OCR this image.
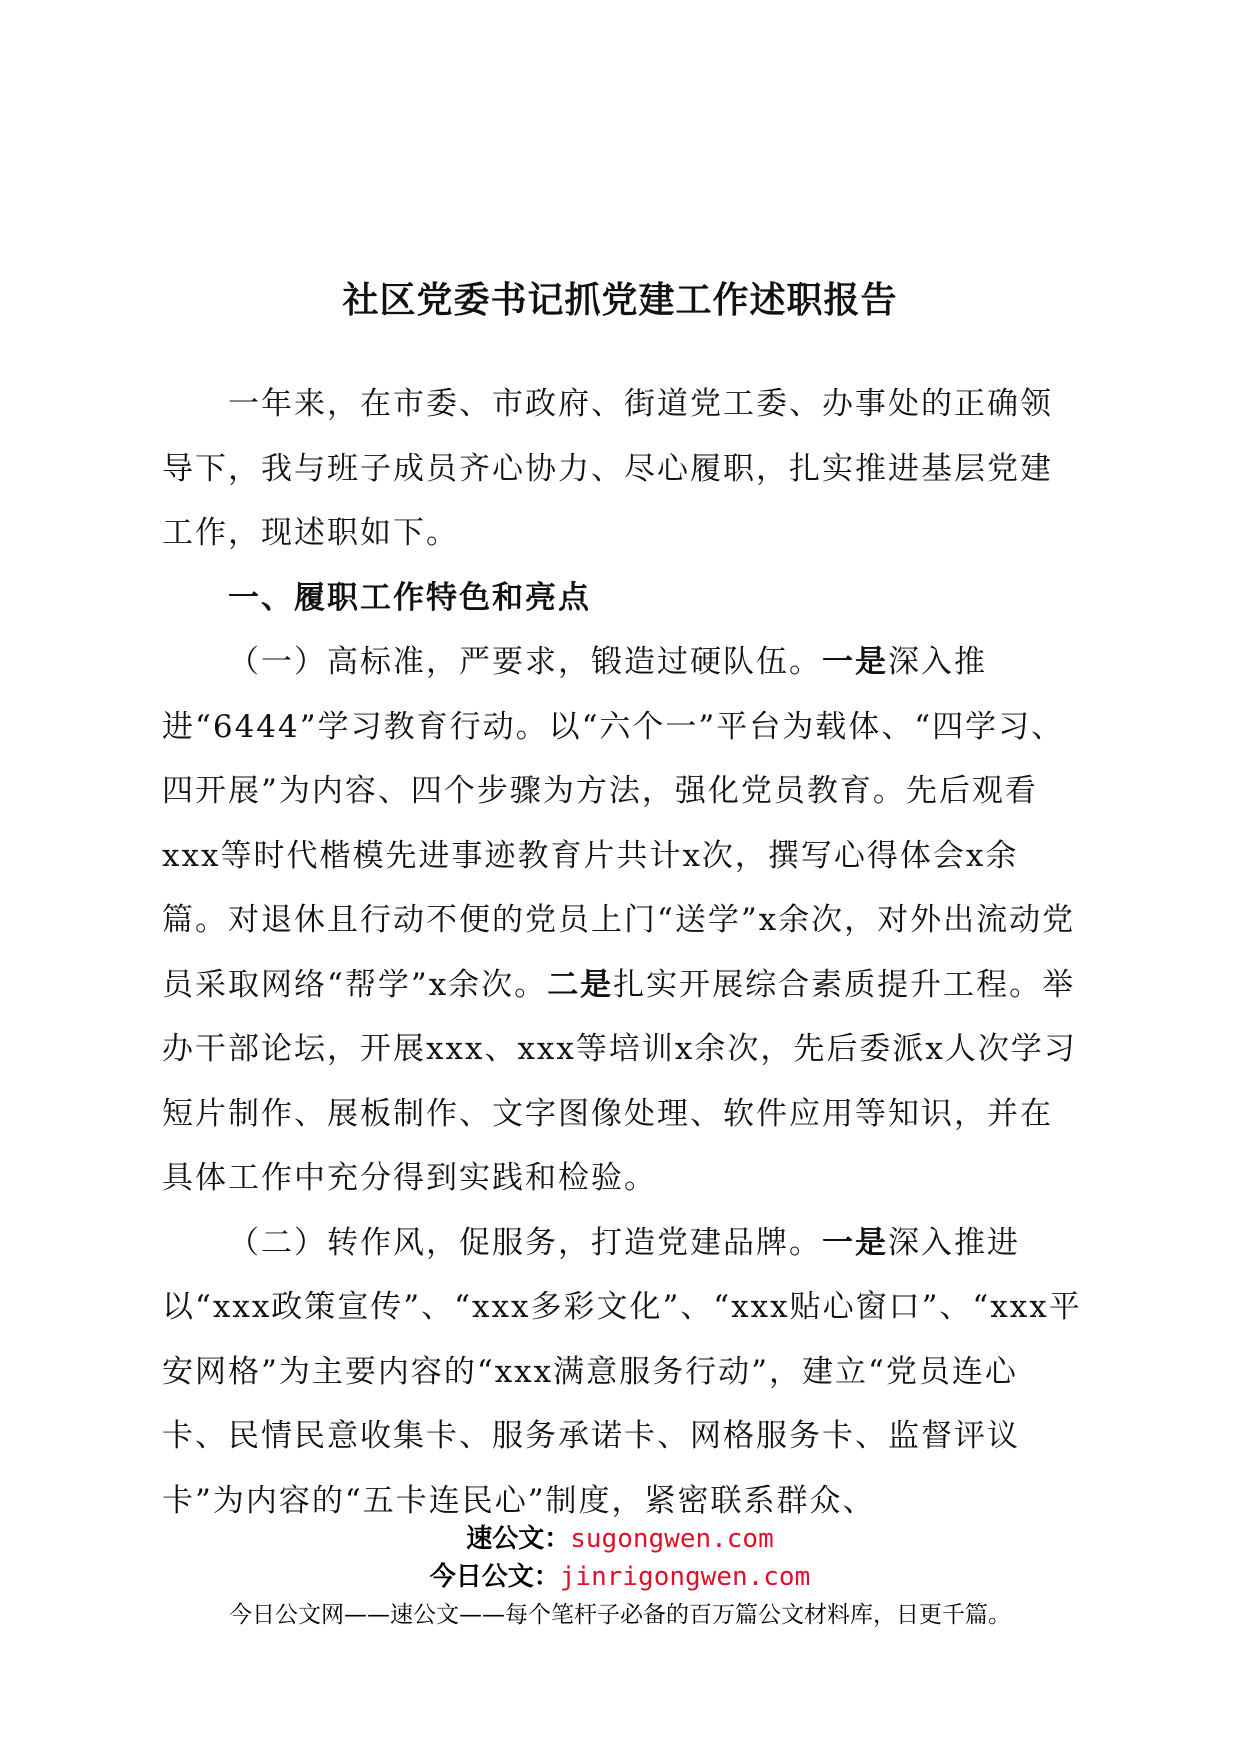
社区党委书记抓党建工作述职报告

一年来，在市委、市政府、街道党工委、办事处的正确领导下，我与班子成员齐心协力、尽心履职，扎实推进基层党建工作，现述职如下。

一、履职工作特色和亮点

（一）高标准，严要求，锻造过硬队伍。一是深入推进“6444”学习教育行动。以“六个一”平台为载体、“四学习、四开展”为内容、四个步骤为方法，强化党员教育。先后观看xxx等时代楷模先进事迹教育片共计x次，撰写心得体会x余篇。对退休且行动不便的党员上门“送学”x余次，对外出流动党员采取网络“帮学”x余次。二是扎实开展综合素质提升工程。举办干部论坛，开展xxx、xxx等培训x余次，先后委派x人次学习短片制作、展板制作、文字图像处理、软件应用等知识，并在具体工作中充分得到实践和检验。

（二）转作风，促服务，打造党建品牌。一是深入推进以“xxx政策宣传”、“xxx多彩文化”、“xxx贴心窗口”、“xxx平安网格”为主要内容的“xxx满意服务行动”，建立“党员连心卡、民情民意收集卡、服务承诺卡、网格服务卡、监督评议卡”为内容的“五卡连民心”制度，紧密联系群众、

速公文：sugongwen.com
今日公文：jinrigongwen.com
今日公文网——速公文——每个笔杆子必备的百万篇公文材料库，日更千篇。
